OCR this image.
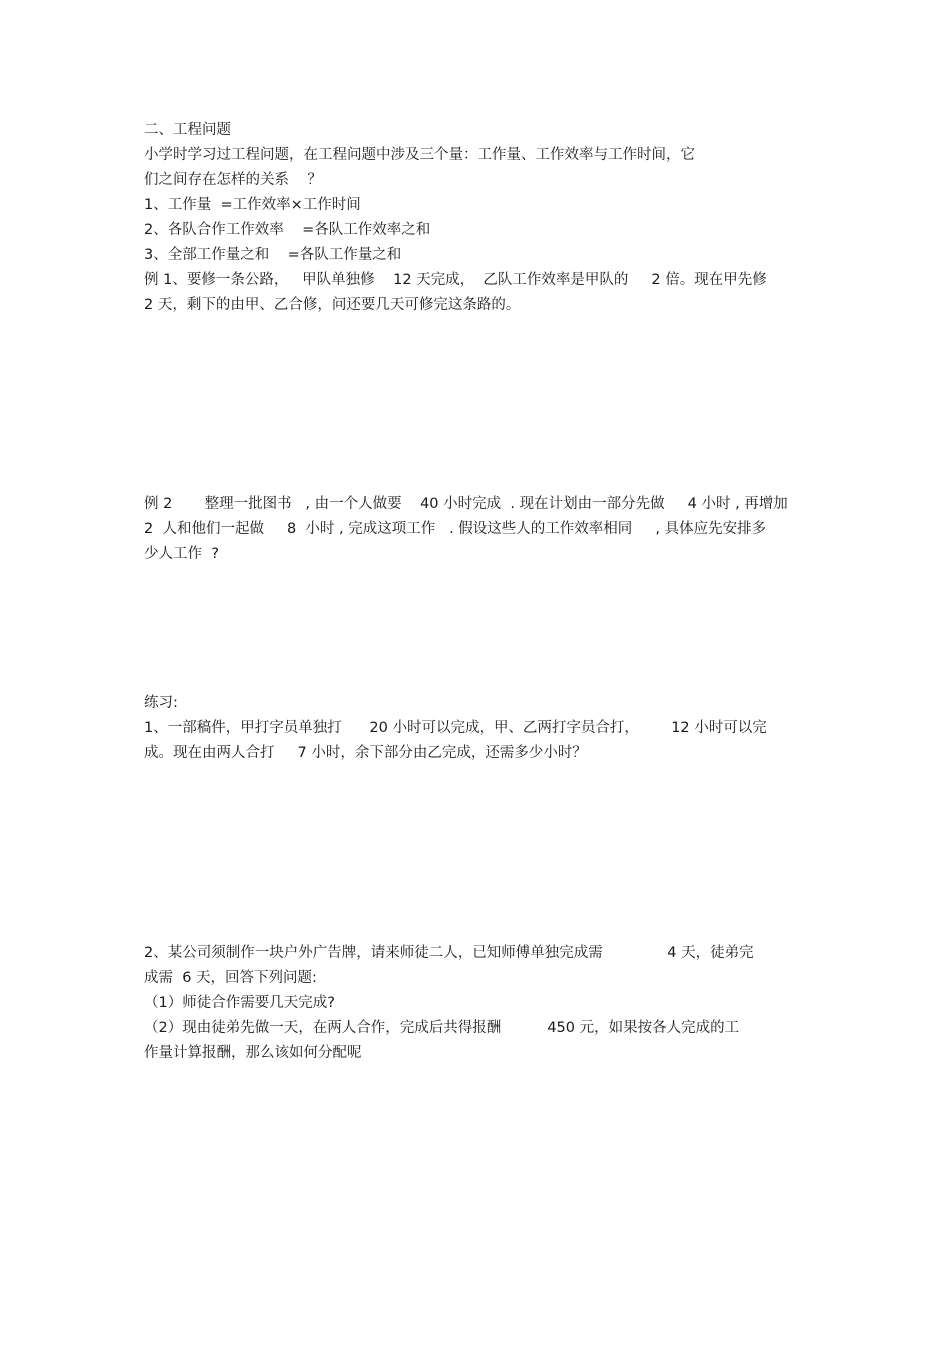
二、工程问题

小学时学习过工程问题，在工程问题中涉及三个量：工作量、工作效率与工作时间，它

们之间存在怎样的关系    ？

1、工作量  =工作效率×工作时间

2、各队合作工作效率    =各队工作效率之和

3、全部工作量之和    =各队工作量之和

例 1、要修一条公路，   甲队单独修    12 天完成，  乙队工作效率是甲队的     2 倍。现在甲先修

2 天，剩下的由甲、乙合修，问还要几天可修完这条路的。

例 2       整理一批图书   , 由一个人做要    40 小时完成  . 现在计划由一部分先做     4 小时 , 再增加

2  人和他们一起做     8  小时 , 完成这项工作   . 假设这些人的工作效率相同     , 具体应先安排多

少人工作  ?

练习:

1、一部稿件，甲打字员单独打      20 小时可以完成，甲、乙两打字员合打，       12 小时可以完

成。现在由两人合打     7 小时，余下部分由乙完成，还需多少小时？

2、某公司须制作一块户外广告牌，请来师徒二人，已知师傅单独完成需              4 天，徒弟完

成需  6 天，回答下列问题:

（1）师徒合作需要几天完成?

（2）现由徒弟先做一天，在两人合作，完成后共得报酬          450 元，如果按各人完成的工

作量计算报酬，那么该如何分配呢
